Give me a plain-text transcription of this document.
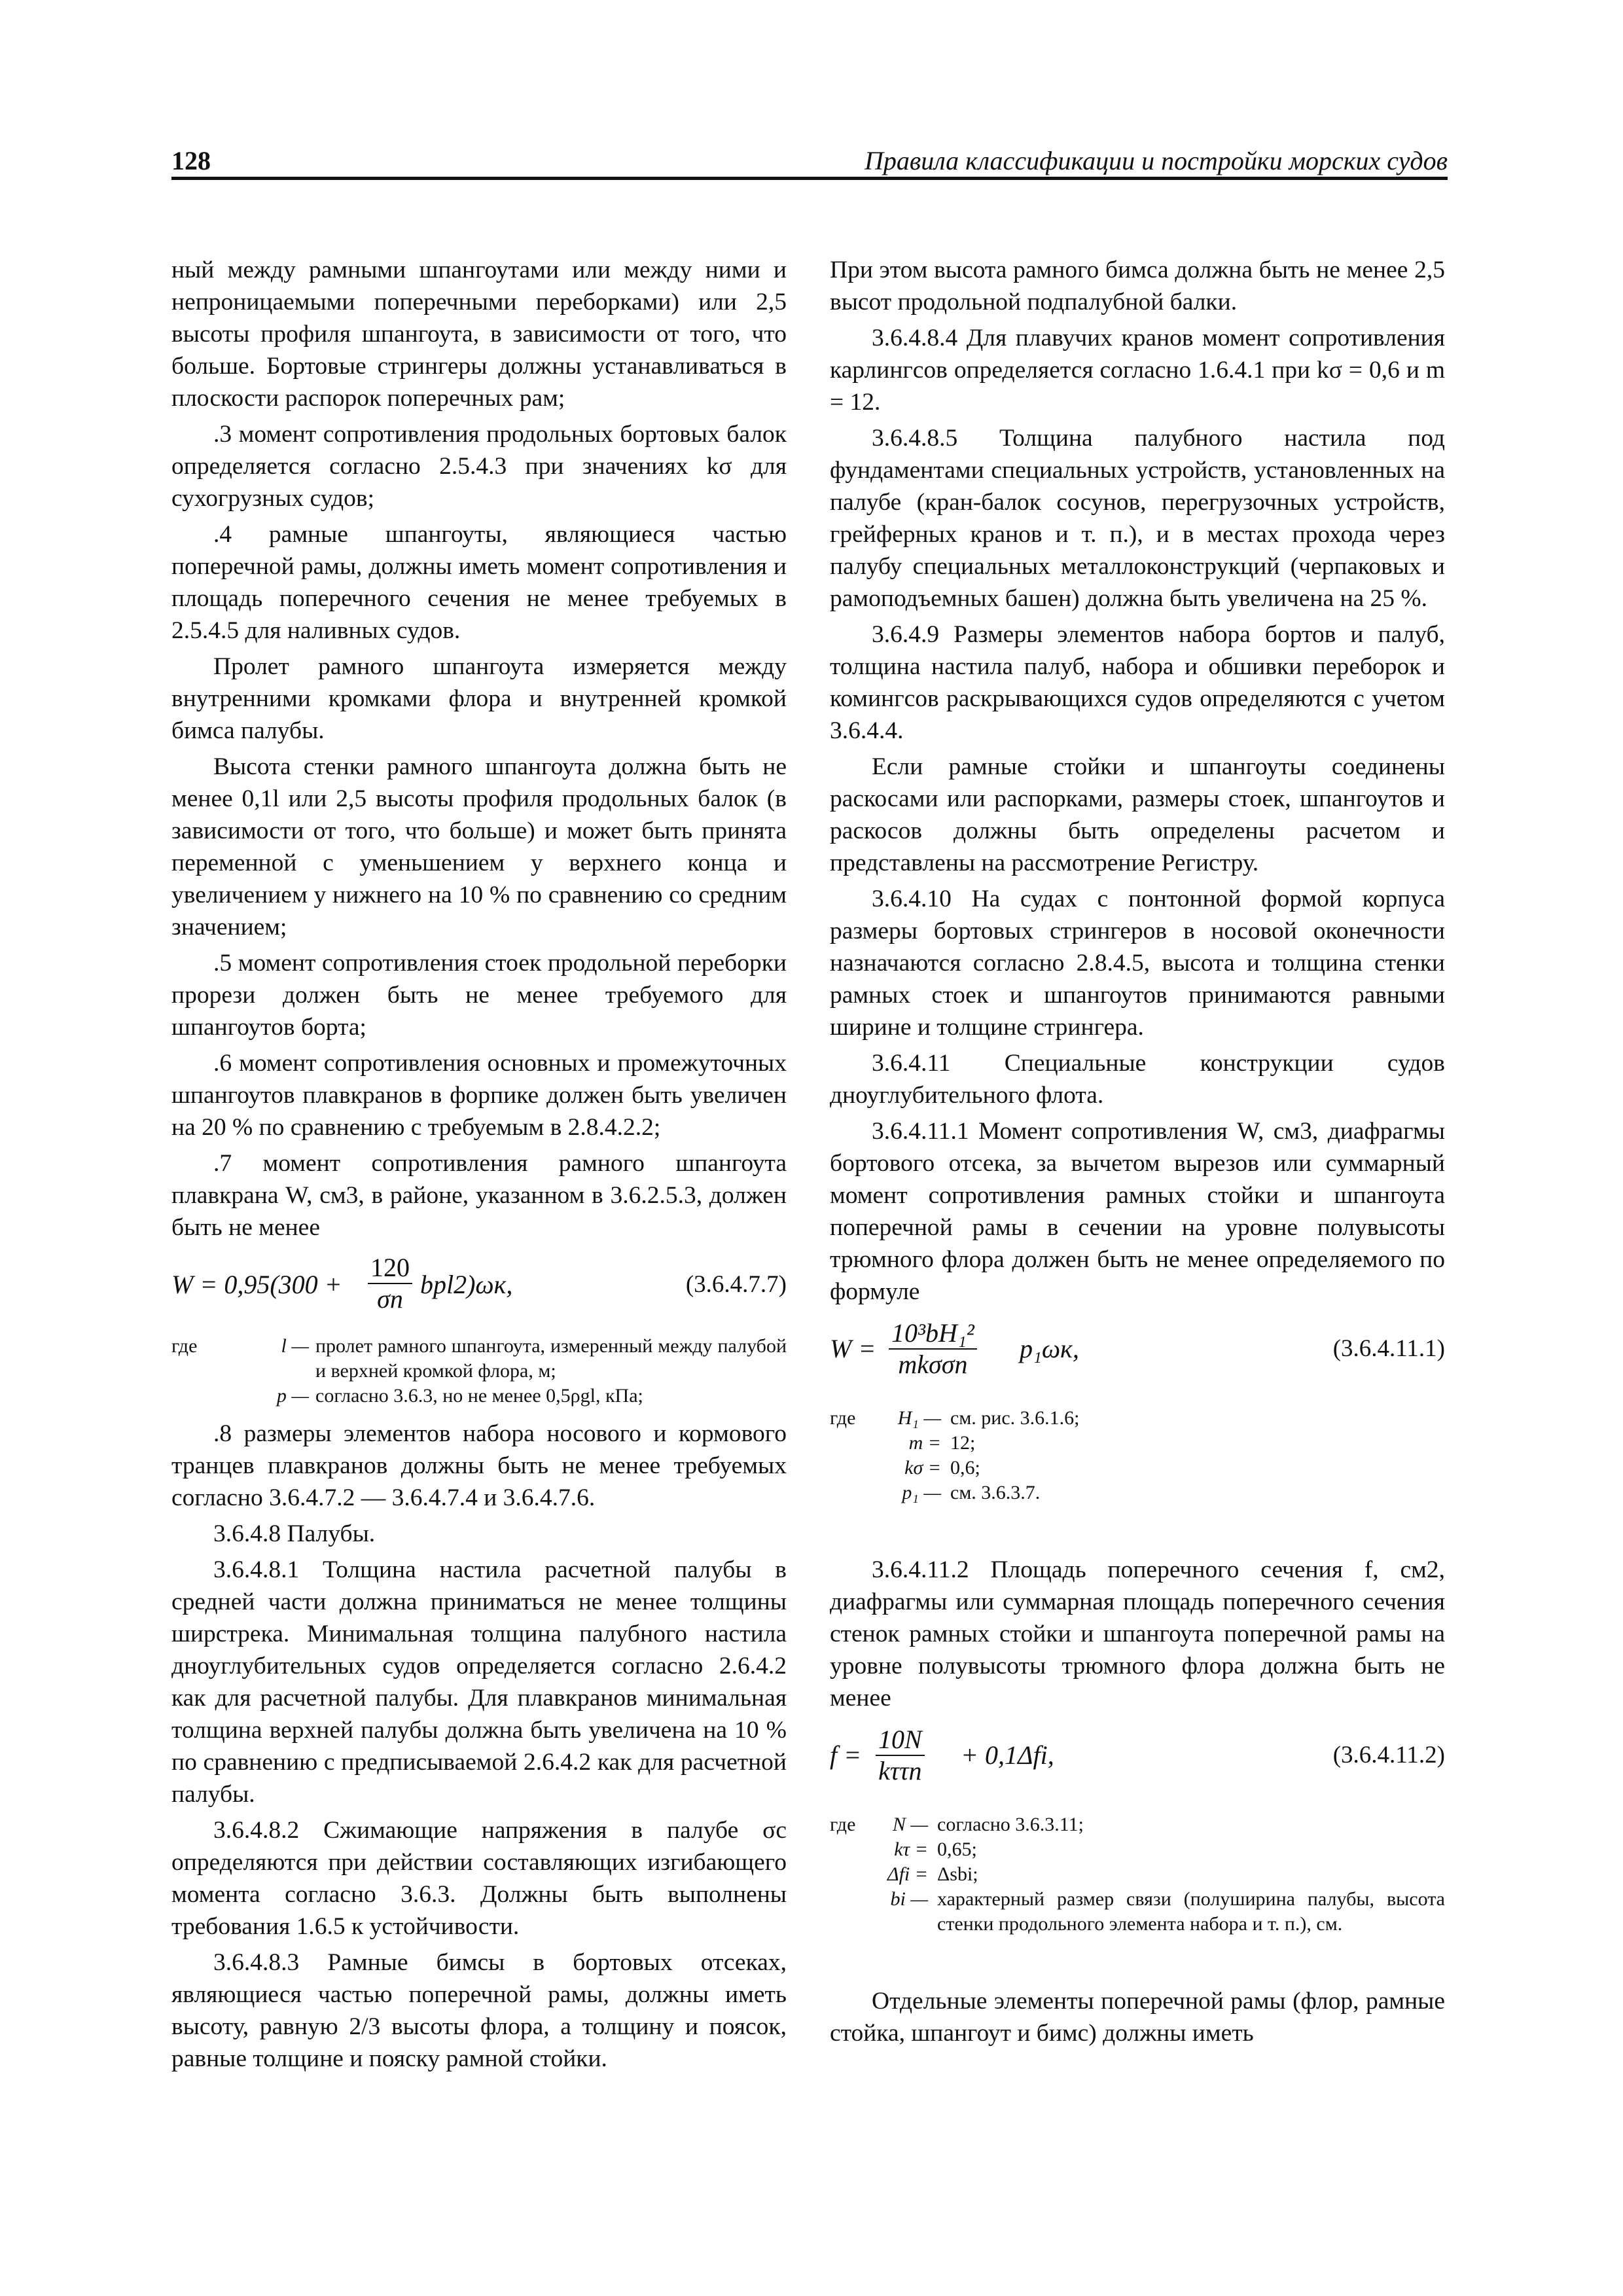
128	Правила классификации и постройки морских судов

ный между рамными шпангоутами или между ними и непроницаемыми поперечными переборками) или 2,5 высоты профиля шпангоута, в зависимости от того, что больше. Бортовые стрингеры должны устанавливаться в плоскости распорок поперечных рам;

.3 момент сопротивления продольных бортовых балок определяется согласно 2.5.4.3 при значениях kσ для сухогрузных судов;

.4 рамные шпангоуты, являющиеся частью поперечной рамы, должны иметь момент сопротивления и площадь поперечного сечения не менее требуемых в 2.5.4.5 для наливных судов.

Пролет рамного шпангоута измеряется между внутренними кромками флора и внутренней кромкой бимса палубы.

Высота стенки рамного шпангоута должна быть не менее 0,1l или 2,5 высоты профиля продольных балок (в зависимости от того, что больше) и может быть принята переменной с уменьшением у верхнего конца и увеличением у нижнего на 10 % по сравнению со средним значением;

.5 момент сопротивления стоек продольной переборки прорези должен быть не менее требуемого для шпангоутов борта;

.6 момент сопротивления основных и промежуточных шпангоутов плавкранов в форпике должен быть увеличен на 20 % по сравнению с требуемым в 2.8.4.2.2;

.7 момент сопротивления рамного шпангоута плавкрана W, см3, в районе, указанном в 3.6.2.5.3, должен быть не менее

$W = 0,95(300 + \frac{120}{\sigma n} bpl2)\omega к$,	(3.6.4.7.7)
где	l — пролет рамного шпангоута, измеренный между палубой и верхней кромкой флора, м;
p — согласно 3.6.3, но не менее 0,5ρgl, кПа;

.8 размеры элементов набора носового и кормового транцев плавкранов должны быть не менее требуемых согласно 3.6.4.7.2 — 3.6.4.7.4 и 3.6.4.7.6.

3.6.4.8 Палубы.

3.6.4.8.1 Толщина настила расчетной палубы в средней части должна приниматься не менее толщины ширстрека. Минимальная толщина палубного настила дноуглубительных судов определяется согласно 2.6.4.2 как для расчетной палубы. Для плавкранов минимальная толщина верхней палубы должна быть увеличена на 10 % по сравнению с предписываемой 2.6.4.2 как для расчетной палубы.

3.6.4.8.2 Сжимающие напряжения в палубе σc определяются при действии составляющих изгибающего момента согласно 3.6.3. Должны быть выполнены требования 1.6.5 к устойчивости.

3.6.4.8.3 Рамные бимсы в бортовых отсеках, являющиеся частью поперечной рамы, должны иметь высоту, равную 2/3 высоты флора, а толщину и поясок, равные толщине и пояску рамной стойки.

При этом высота рамного бимса должна быть не менее 2,5 высот продольной подпалубной балки.

3.6.4.8.4 Для плавучих кранов момент сопротивления карлингсов определяется согласно 1.6.4.1 при kσ = 0,6 и m = 12.

3.6.4.8.5 Толщина палубного настила под фундаментами специальных устройств, установленных на палубе (кран-балок сосунов, перегрузочных устройств, грейферных кранов и т. п.), и в местах прохода через палубу специальных металлоконструкций (черпаковых и рамоподъемных башен) должна быть увеличена на 25 %.

3.6.4.9 Размеры элементов набора бортов и палуб, толщина настила палуб, набора и обшивки переборок и комингсов раскрывающихся судов определяются с учетом 3.6.4.4.

Если рамные стойки и шпангоуты соединены раскосами или распорками, размеры стоек, шпангоутов и раскосов должны быть определены расчетом и представлены на рассмотрение Регистру.

3.6.4.10 На судах с понтонной формой корпуса размеры бортовых стрингеров в носовой оконечности назначаются согласно 2.8.4.5, высота и толщина стенки рамных стоек и шпангоутов принимаются равными ширине и толщине стрингера.

3.6.4.11 Специальные конструкции судов дноуглубительного флота.

3.6.4.11.1 Момент сопротивления W, см3, диафрагмы бортового отсека, за вычетом вырезов или суммарный момент сопротивления рамных стойки и шпангоута поперечной рамы в сечении на уровне полувысоты трюмного флора должен быть не менее определяемого по формуле

W =
10³bH₁²
mkσσn
p₁ωк,	(3.6.4.11.1)
где	H₁ — см. рис. 3.6.1.6;
m = 12;
kσ = 0,6;
p₁ — см. 3.6.3.7.

3.6.4.11.2 Площадь поперечного сечения f, см2, диафрагмы или суммарная площадь поперечного сечения стенок рамных стойки и шпангоута поперечной рамы на уровне полувысоты трюмного флора должна быть не менее

f =
10N
kττn
+ 0,1Δfi,	(3.6.4.11.2)
где	N — согласно 3.6.3.11;
kτ = 0,65;
Δfi = Δsbi;
bi — характерный размер связи (полуширина палубы, высота стенки продольного элемента набора и т. п.), см.

Отдельные элементы поперечной рамы (флор, рамные стойка, шпангоут и бимс) должны иметь
